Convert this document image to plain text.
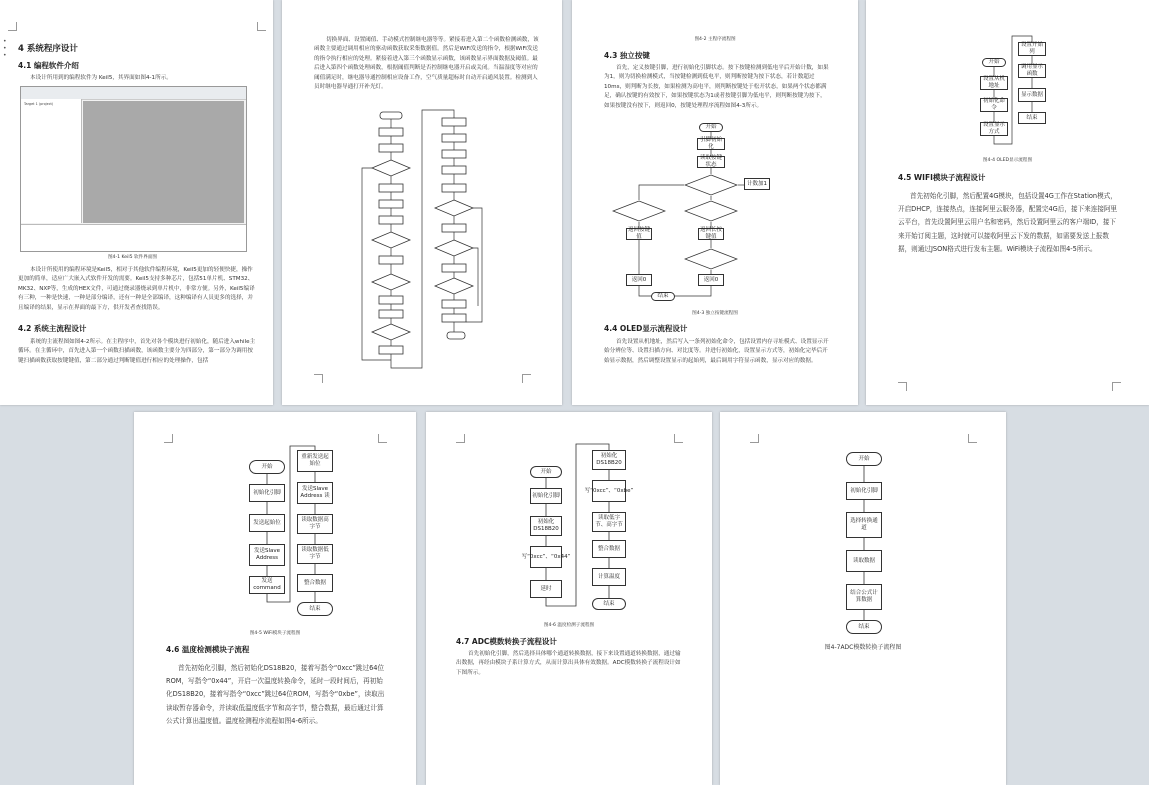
•
•
•
4 系统程序设计
4.1 编程软件介绍
本设计所用到的编程软件为 Keil5，其界面如图4-1所示。
Target 1 (project)
图4-1 Keil5 软件界面图
本设计所使用的编程环境是Keil5，相对于其他软件编程环境，Keil5更加的轻便快捷，操作更加的简单，适应广大嵌入式软件开发的需要。Keil5支持多种芯片，包括51单片机、STM32、MK32、NXP等，生成的HEX文件，可通过烧录器烧录到单片机中，非常方便。另外，Keil5编译有三种，一种是快速，一种是部分编译，还有一种是全部编译，这种编译有人员更多的选择，并且编译的结果，显示在界面的最下方，供开发者查找错误。
4.2 系统主流程设计
系统的主流程图如图4-2所示。在主程序中，首先对各个模块进行初始化，随后进入while主循环。在主循环中，首先进入第一个函数扫描函数，该函数主要分为四部分，第一部分为调用按键扫描函数获取按键键值，第二部分通过判断键值进行相应的处理操作，包括
切换界面、设置阈值、手动模式控制继电器等等。紧接着进入第二个函数检测函数，该函数主要通过调用相应的驱动函数获取采集数据值。然后是WiFi发送的指令，根据WiFi发送的指令执行相应的处理。紧接着进入第三个函数显示函数，该函数显示界面数据及阈值。最后进入第四个函数处理函数，根据阈值判断是否控制继电器开启或关闭。当温湿度等对应的阈值满足时，继电器导通控制相应设备工作，空气质量超标时自动开启通风装置。检测到人员时继电器导通打开补光灯。
图4-2 主程序流程图
4.3 独立按键
首先，定义按键引脚，进行初始化引脚状态。按下按键检测到低电平后开始计数，如果为1，则为切换检测模式，当按键检测到低电平，则判断按键为按下状态，若计数超过10ms，则判断为长按，如果检测为高电平，则判断按键处于松开状态，如果两个状态都满足，确认按键的有效按下，如果按键状态为1或者按键引脚为低电平，则判断按键为按下，如果按键没有按下，则返回0，按键处理程序流程如图4-3所示。
开始
引脚初始化
读取按键状态
计数加1
返回按键值
返回长按键值
返回0	返回0
结束
图4-3 独立按键流程图
4.4 OLED显示流程设计
首先设置从机地址，然后写入一条列初始化命令，包括设置内存寻址模式、设置显示开始分辨位等、设置扫描方向、对比度等。并进行初始化，设置显示方式等，初始化完毕后开始显示数据，然后调整设置显示的起始列，最后调用字符显示函数，显示对应的数据。
开始
设置从机地址
初始化命令
设置显示方式
设置开始列
调用显示函数
显示数据
结束
图4-4 OLED显示流程图
4.5 WIFI模块子流程设计
首先初始化引脚，然后配置4G模块，包括设置4G工作在Station模式，开启DHCP，连接热点，连接阿里云服务器，配置完4G后，接下来连接阿里云平台，首先设置阿里云用户名和密码，然后设置阿里云的客户端ID，接下来开始订阅主题，这时就可以接收阿里云下发的数据，如需要发送上报数据，则通过JSON格式进行发布主题。WiFi模块子流程如图4-5所示。
开始
初始化引脚
发送起始位
发送Slave Address
发送command
重新发送起始位
发送Slave Address 读
读取数据高字节
读取数据低字节
整合数据
结束
图4-5 WiFi模块子流程图
4.6 温度检测模块子流程
首先初始化引脚，然后初始化DS18B20，接着写指令“0xcc”跳过64位ROM，写指令“0x44”，开启一次温度转换命令，延时一段时间后，再初始化DS18B20，接着写指令“0xcc”跳过64位ROM，写指令“0xbe”，读取出读取暂存器命令，并读取低温度低字节和高字节，整合数据，最后通过计算公式计算出温度值。温度检测程序流程如图4-6所示。
开始
初始化引脚
初始化DS18B20
写“0xcc”、“0x44”
延时
初始化DS18B20
写“0xcc”、“0xbe”
读取低字节、高字节
整合数据
计算温度
结束
图4-6 温度检测子流程图
4.7 ADC模数转换子流程设计
首先初始化引脚，然后选择具体哪个通道转换数据，接下来设置通道转换数据，通过输出数据，再经由模块子系计算方式，从而计算出具体有效数据。ADC模数转换子流程设计如下图所示。
开始
初始化引脚
选择转换通道
读取数据
结合公式计算数据
结束
图4-7ADC模数转换子流程图
